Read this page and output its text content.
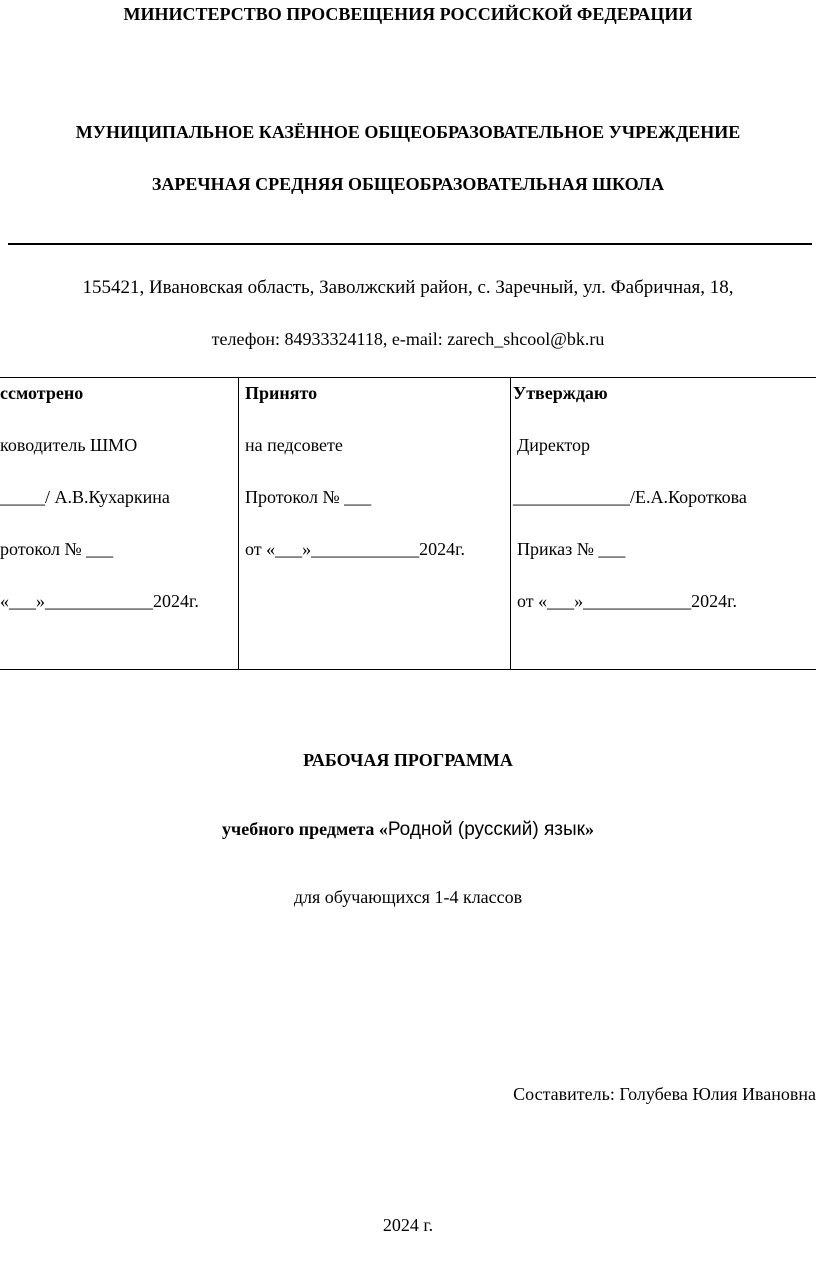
МИНИСТЕРСТВО ПРОСВЕЩЕНИЯ РОССИЙСКОЙ ФЕДЕРАЦИИ
МУНИЦИПАЛЬНОЕ КАЗЁННОЕ ОБЩЕОБРАЗОВАТЕЛЬНОЕ УЧРЕЖДЕНИЕ
ЗАРЕЧНАЯ СРЕДНЯЯ ОБЩЕОБРАЗОВАТЕЛЬНАЯ ШКОЛА
155421, Ивановская область, Заволжский район, с. Заречный, ул. Фабричная, 18,
телефон: 84933324118, e-mail: zarech_shcool@bk.ru
ссмотрено
ководитель ШМО
_____/ А.В.Кухаркина
ротокол № ___
«___»____________2024г.
Принято
на педсовете
Протокол № ___
от «___»____________2024г.
Утверждаю
Директор
_____________/Е.А.Короткова
Приказ № ___
от «___»____________2024г.
РАБОЧАЯ ПРОГРАММА
учебного предмета «Родной (русский) язык»
для обучающихся 1-4 классов
Составитель: Голубева Юлия Ивановна
2024 г.
